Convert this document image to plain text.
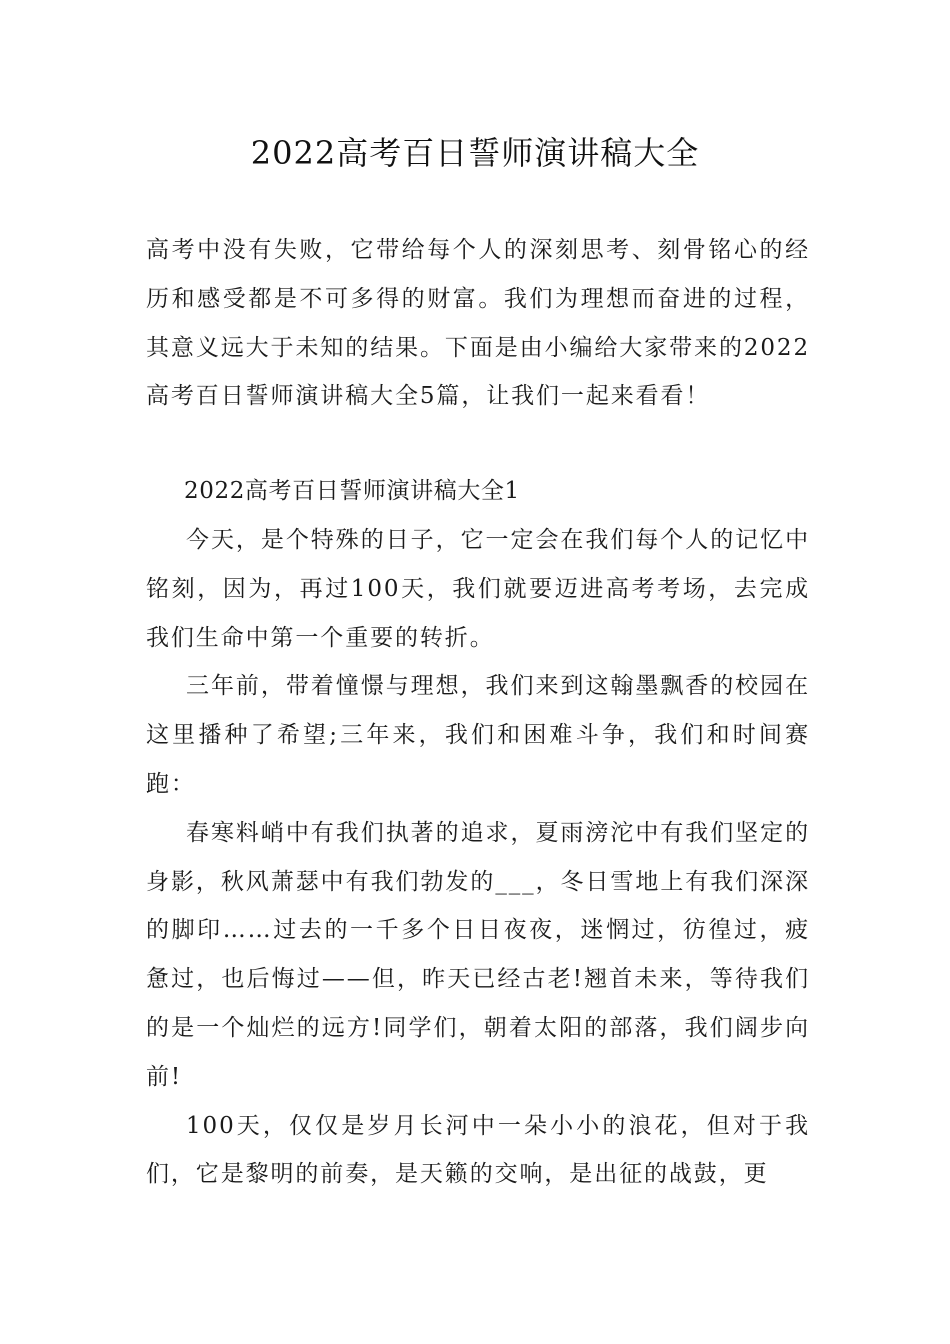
2022高考百日誓师演讲稿大全

高考中没有失败，它带给每个人的深刻思考、刻骨铭心的经历和感受都是不可多得的财富。我们为理想而奋进的过程，其意义远大于未知的结果。下面是由小编给大家带来的2022高考百日誓师演讲稿大全5篇，让我们一起来看看！

2022高考百日誓师演讲稿大全1

今天，是个特殊的日子，它一定会在我们每个人的记忆中铭刻，因为，再过100天，我们就要迈进高考考场，去完成我们生命中第一个重要的转折。

三年前，带着憧憬与理想，我们来到这翰墨飘香的校园在这里播种了希望;三年来，我们和困难斗争，我们和时间赛跑：

春寒料峭中有我们执著的追求，夏雨滂沱中有我们坚定的身影，秋风萧瑟中有我们勃发的___，冬日雪地上有我们深深的脚印……过去的一千多个日日夜夜，迷惘过，彷徨过，疲惫过，也后悔过——但，昨天已经古老!翘首未来，等待我们的是一个灿烂的远方!同学们，朝着太阳的部落，我们阔步向前!

100天，仅仅是岁月长河中一朵小小的浪花，但对于我们，它是黎明的前奏，是天籁的交响，是出征的战鼓，更
